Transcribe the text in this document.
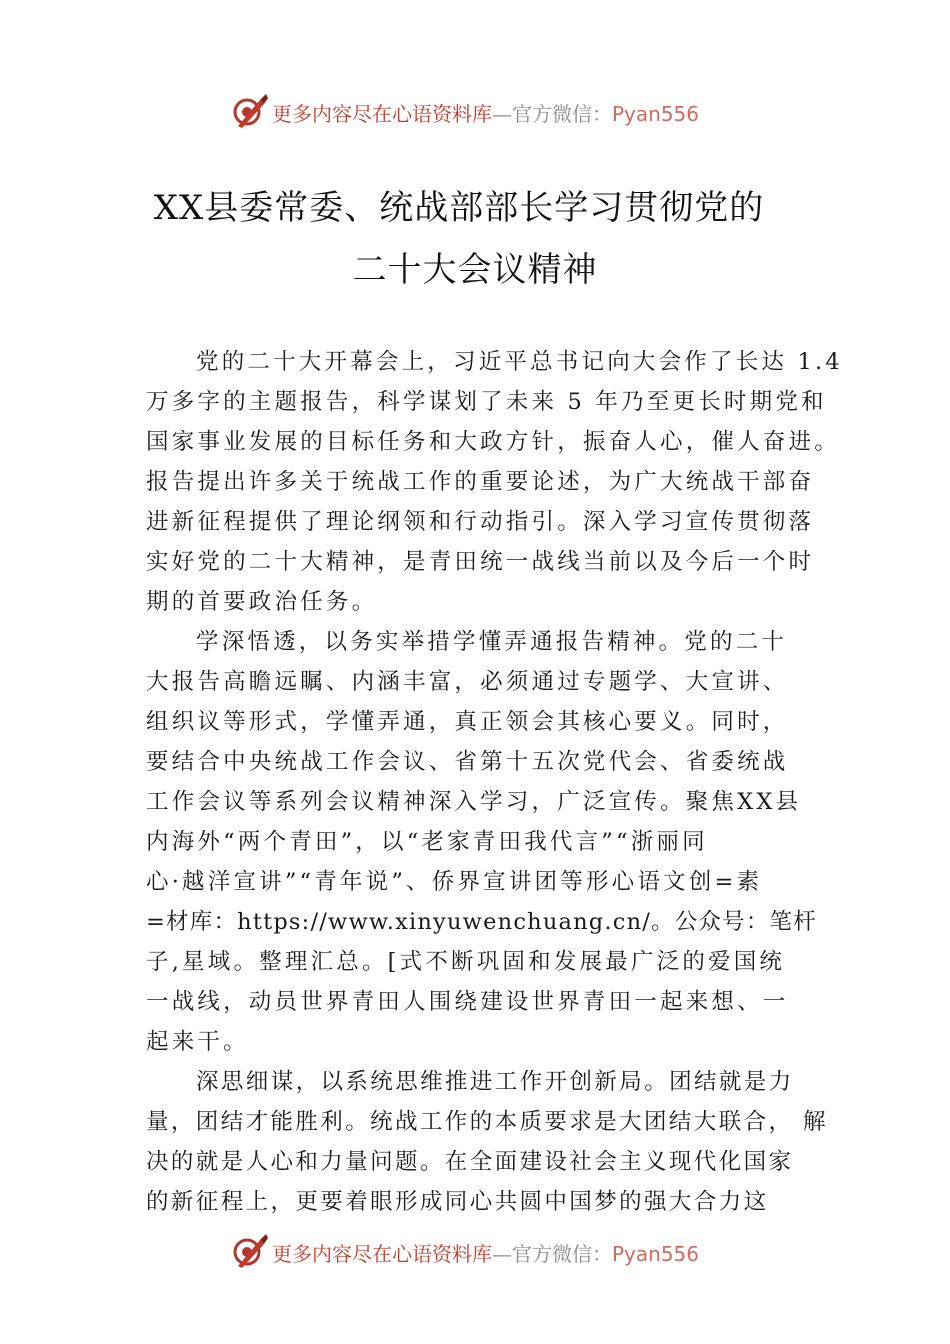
更多内容尽在心语资料库—官方微信：Pyan556
XX县委常委、统战部部长学习贯彻党的
二十大会议精神
党的二十大开幕会上，习近平总书记向大会作了长达 1.4
万多字的主题报告，科学谋划了未来 5 年乃至更长时期党和
国家事业发展的目标任务和大政方针，振奋人心，催人奋进。
报告提出许多关于统战工作的重要论述，为广大统战干部奋
进新征程提供了理论纲领和行动指引。深入学习宣传贯彻落
实好党的二十大精神，是青田统一战线当前以及今后一个时
期的首要政治任务。
学深悟透，以务实举措学懂弄通报告精神。党的二十
大报告高瞻远瞩、内涵丰富，必须通过专题学、大宣讲、
组织议等形式，学懂弄通，真正领会其核心要义。同时，
要结合中央统战工作会议、省第十五次党代会、省委统战
工作会议等系列会议精神深入学习，广泛宣传。聚焦XX县
内海外“两个青田”，以“老家青田我代言”“浙丽同
心·越洋宣讲”“青年说”、侨界宣讲团等形心语文创=素
=材库：https://www.xinyuwenchuang.cn/。公众号：笔杆
子,星域。整理汇总。[式不断巩固和发展最广泛的爱国统
一战线，动员世界青田人围绕建设世界青田一起来想、一
起来干。
深思细谋，以系统思维推进工作开创新局。团结就是力
量，团结才能胜利。统战工作的本质要求是大团结大联合， 解
决的就是人心和力量问题。在全面建设社会主义现代化国家
的新征程上，更要着眼形成同心共圆中国梦的强大合力这
更多内容尽在心语资料库—官方微信：Pyan556
